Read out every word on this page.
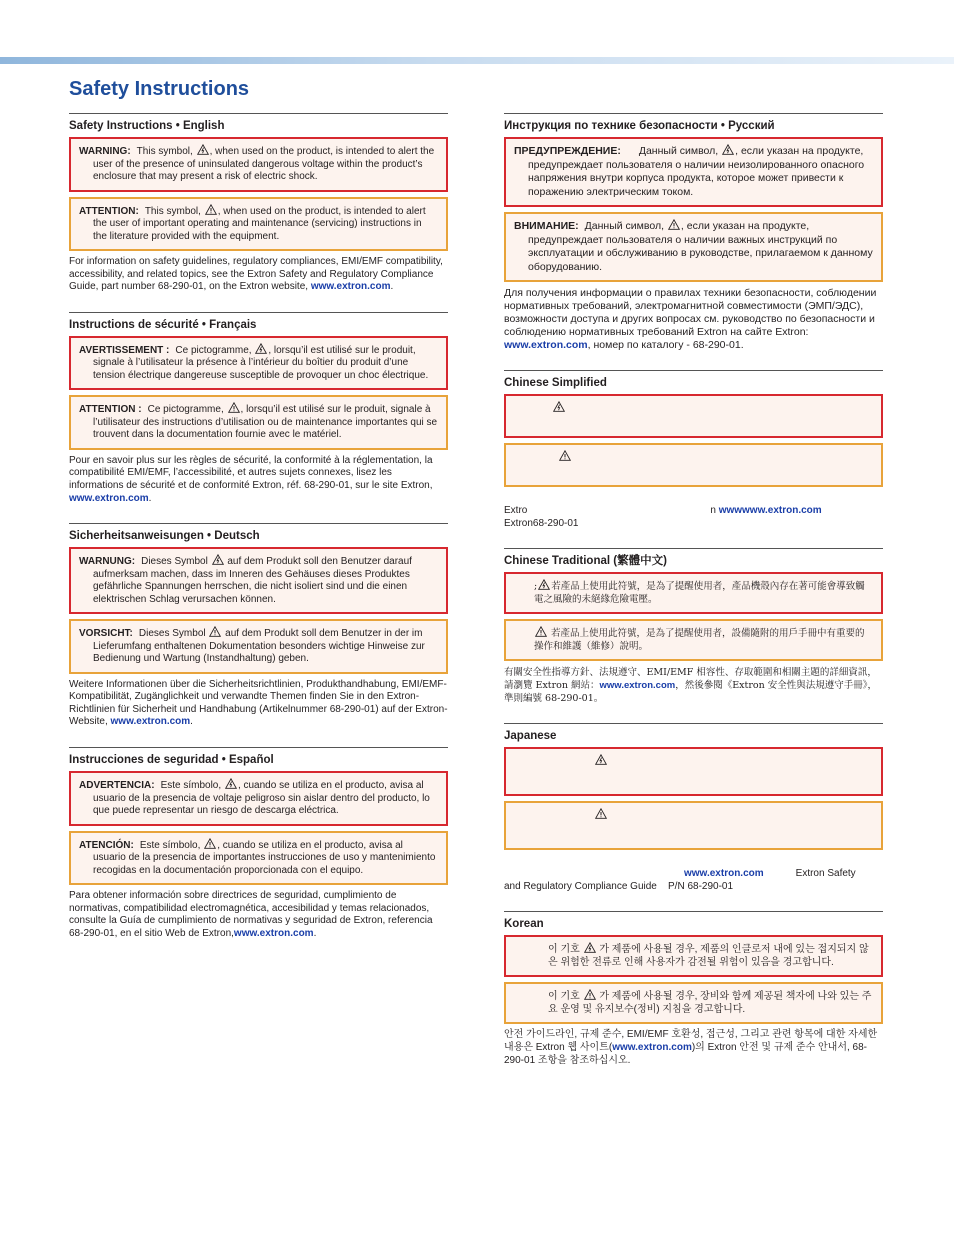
Safety Instructions
Safety Instructions • English

WARNING: This symbol, , when used on the product, is intended to alert the user of the presence of uninsulated dangerous voltage within the product’s enclosure that may present a risk of electric shock.

ATTENTION: This symbol, , when used on the product, is intended to alert the user of important operating and maintenance (servicing) instructions in the literature provided with the equipment.

For information on safety guidelines, regulatory compliances, EMI/EMF compatibility, accessibility, and related topics, see the Extron Safety and Regulatory Compliance Guide, part number 68-290-01, on the Extron website, www.extron.com.

Instructions de sécurité • Français

AVERTISSEMENT : Ce pictogramme, , lorsqu’il est utilisé sur le produit, signale à l’utilisateur la présence à l’intérieur du boîtier du produit d’une tension électrique dangereuse susceptible de provoquer un choc électrique.

ATTENTION : Ce pictogramme, , lorsqu’il est utilisé sur le produit, signale à l’utilisateur des instructions d’utilisation ou de maintenance importantes qui se trouvent dans la documentation fournie avec le matériel.

Pour en savoir plus sur les règles de sécurité, la conformité à la réglementation, la compatibilité EMI/EMF, l’accessibilité, et autres sujets connexes, lisez les informations de sécurité et de conformité Extron, réf. 68-290-01, sur le site Extron, www.extron.com.

Sicherheitsanweisungen • Deutsch

WARNUNG: Dieses Symbol auf dem Produkt soll den Benutzer darauf aufmerksam machen, dass im Inneren des Gehäuses dieses Produktes gefährliche Spannungen herrschen, die nicht isoliert sind und die einen elektrischen Schlag verursachen können.

VORSICHT: Dieses Symbol auf dem Produkt soll dem Benutzer in der im Lieferumfang enthaltenen Dokumentation besonders wichtige Hinweise zur Bedienung und Wartung (Instandhaltung) geben.

Weitere Informationen über die Sicherheitsrichtlinien, Produkthandhabung, EMI/EMF-Kompatibilität, Zugänglichkeit und verwandte Themen finden Sie in den Extron-Richtlinien für Sicherheit und Handhabung (Artikelnummer 68-290-01) auf der Extron-Website, www.extron.com.

Instrucciones de seguridad • Español

ADVERTENCIA: Este símbolo, , cuando se utiliza en el producto, avisa al usuario de la presencia de voltaje peligroso sin aislar dentro del producto, lo que puede representar un riesgo de descarga eléctrica.

ATENCIÓN: Este símbolo, , cuando se utiliza en el producto, avisa al usuario de la presencia de importantes instrucciones de uso y mantenimiento recogidas en la documentación proporcionada con el equipo.

Para obtener información sobre directrices de seguridad, cumplimiento de normativas, compatibilidad electromagnética, accesibilidad y temas relacionados, consulte la Guía de cumplimiento de normativas y seguridad de Extron, referencia 68-290-01, en el sitio Web de Extron,www.extron.com.

Инструкция по технике безопасности • Русский

ПРЕДУПРЕЖДЕНИЕ: Данный символ, , если указан на продукте, предупреждает пользователя о наличии неизолированного опасного напряжения внутри корпуса продукта, которое может привести к поражению электрическим током.

ВНИМАНИЕ: Данный символ, , если указан на продукте, предупреждает пользователя о наличии важных инструкций по эксплуатации и обслуживанию в руководстве, прилагаемом к данному оборудованию.

Для получения информации о правилах техники безопасности, соблюдении нормативных требований, электромагнитной совместимости (ЭМП/ЭДС), возможности доступа и других вопросах см. руководство по безопасности и соблюдению нормативных требований Extron на сайте Extron: www.extron.com, номер по каталогу - 68-290-01.

Chinese Simplified

Extro	n wwwwww.extron.com
Extron68-290-01

Chinese Traditional (繁體中文)

; 若產品上使用此符號，是為了提醒使用者，產品機殼內存在著可能會導致觸電之風險的未絕緣危險電壓。

若產品上使用此符號，是為了提醒使用者，設備隨附的用戶手冊中有重要的操作和維護（維修）說明。

有關安全性指導方針、法規遵守、EMI/EMF 相容性、存取範圍和相關主題的詳細資訊，請瀏覽 Extron 網站：www.extron.com，然後參閱《Extron 安全性與法規遵守手冊》，準則編號 68-290-01。

Japanese

www.extron.com	Extron Safety
and Regulatory Compliance Guide P/N 68-290-01

Korean

이 기호 가 제품에 사용될 경우, 제품의 인클로저 내에 있는 접지되지 않은 위험한 전류로 인해 사용자가 감전될 위험이 있음을 경고합니다.

이 기호 가 제품에 사용될 경우, 장비와 함께 제공된 책자에 나와 있는 주요 운영 및 유지보수(정비) 지침을 경고합니다.

안전 가이드라인, 규제 준수, EMI/EMF 호환성, 접근성, 그리고 관련 항목에 대한 자세한 내용은 Extron 웹 사이트(www.extron.com)의 Extron 안전 및 규제 준수 안내서, 68-290-01 조항을 참조하십시오.
